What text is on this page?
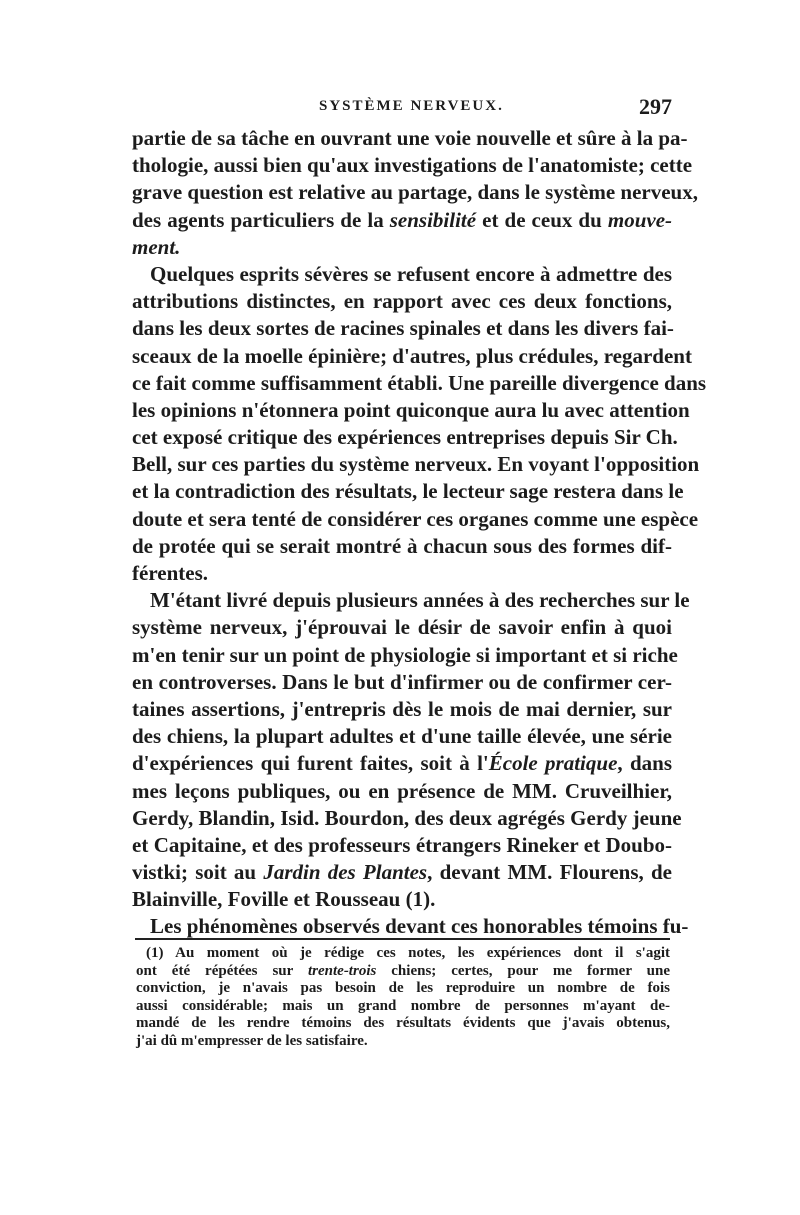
SYSTÈME NERVEUX.	297
partie de sa tâche en ouvrant une voie nouvelle et sûre à la pa-
thologie, aussi bien qu'aux investigations de l'anatomiste; cette
grave question est relative au partage, dans le système nerveux,
des agents particuliers de la sensibilité et de ceux du mouve-
ment.
Quelques esprits sévères se refusent encore à admettre des
attributions distinctes, en rapport avec ces deux fonctions,
dans les deux sortes de racines spinales et dans les divers fai-
sceaux de la moelle épinière; d'autres, plus crédules, regardent
ce fait comme suffisamment établi. Une pareille divergence dans
les opinions n'étonnera point quiconque aura lu avec attention
cet exposé critique des expériences entreprises depuis Sir Ch.
Bell, sur ces parties du système nerveux. En voyant l'opposition
et la contradiction des résultats, le lecteur sage restera dans le
doute et sera tenté de considérer ces organes comme une espèce
de protée qui se serait montré à chacun sous des formes dif-
férentes.
M'étant livré depuis plusieurs années à des recherches sur le
système nerveux, j'éprouvai le désir de savoir enfin à quoi
m'en tenir sur un point de physiologie si important et si riche
en controverses. Dans le but d'infirmer ou de confirmer cer-
taines assertions, j'entrepris dès le mois de mai dernier, sur
des chiens, la plupart adultes et d'une taille élevée, une série
d'expériences qui furent faites, soit à l'École pratique, dans
mes leçons publiques, ou en présence de MM. Cruveilhier,
Gerdy, Blandin, Isid. Bourdon, des deux agrégés Gerdy jeune
et Capitaine, et des professeurs étrangers Rineker et Doubo-
vistki; soit au Jardin des Plantes, devant MM. Flourens, de
Blainville, Foville et Rousseau (1).
Les phénomènes observés devant ces honorables témoins fu-
(1) Au moment où je rédige ces notes, les expériences dont il s'agit
ont été répétées sur trente-trois chiens; certes, pour me former une
conviction, je n'avais pas besoin de les reproduire un nombre de fois
aussi considérable; mais un grand nombre de personnes m'ayant de-
mandé de les rendre témoins des résultats évidents que j'avais obtenus,
j'ai dû m'empresser de les satisfaire.
